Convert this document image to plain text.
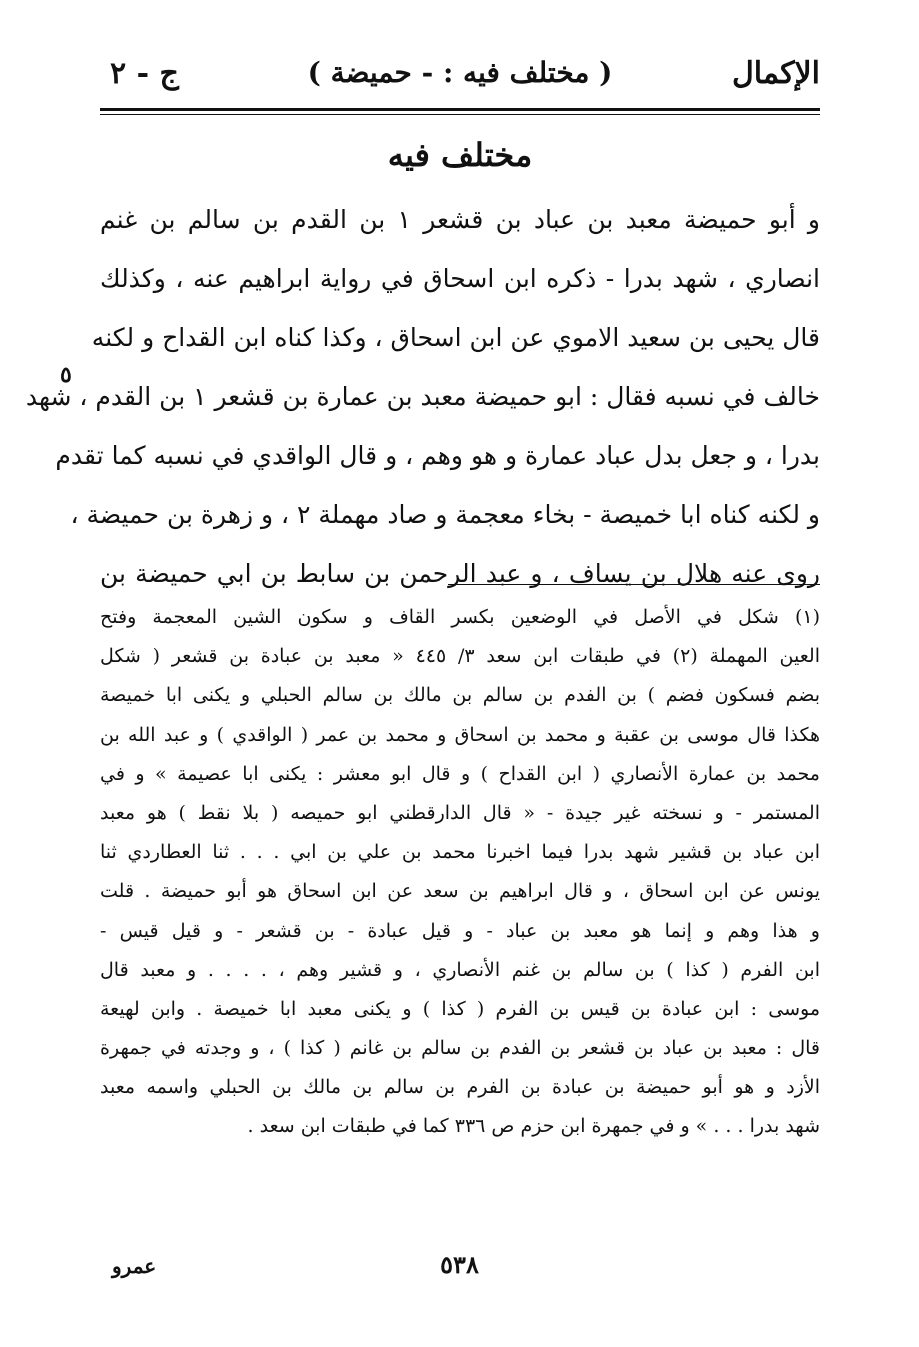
الإكمال
( مختلف فيه : - حميضة )
ج - ٢
مختلف فيه
٥
و أبو حميضة معبد بن عباد بن قشعر ١ بن القدم بن سالم بن غنم
انصاري ، شهد بدرا - ذكره ابن اسحاق في رواية ابراهيم عنه ، وكذلك
قال يحيى بن سعيد الاموي عن ابن اسحاق ، وكذا كناه ابن القداح و لكنه
خالف في نسبه فقال : ابو حميضة معبد بن عمارة بن قشعر ١ بن القدم ، شهد
بدرا ، و جعل بدل عباد عمارة و هو وهم ، و قال الواقدي في نسبه كما تقدم
و لكنه كناه ابا خميصة - بخاء معجمة و صاد مهملة ٢ ، و زهرة بن حميضة ،
روى عنه هلال بن يساف ، و عبد الرحمن بن سابط بن ابي حميضة بن
(١) شكل في الأصل في الوضعين بكسر القاف و سكون الشين المعجمة وفتح
العين المهملة (٢) في طبقات ابن سعد ٣/ ٤٤٥ « معبد بن عبادة بن قشعر ( شكل
بضم فسكون فضم ) بن الفدم بن سالم بن مالك بن سالم الحبلي و يكنى ابا خميصة
هكذا قال موسى بن عقبة و محمد بن اسحاق و محمد بن عمر ( الواقدي ) و عبد الله بن
محمد بن عمارة الأنصاري ( ابن القداح ) و قال ابو معشر : يكنى ابا عصيمة » و في
المستمر - و نسخته غير جيدة - « قال الدارقطني ابو حميصه ( بلا نقط ) هو معبد
ابن عباد بن قشير شهد بدرا فيما اخبرنا محمد بن علي بن ابي . . . ثنا العطاردي ثنا
يونس عن ابن اسحاق ، و قال ابراهيم بن سعد عن ابن اسحاق هو أبو حميضة . قلت
و هذا وهم و إنما هو معبد بن عباد - و قيل عبادة - بن قشعر - و قيل قيس -
ابن الفرم ( كذا ) بن سالم بن غنم الأنصاري ، و قشير وهم ، . . . . و معبد قال
موسى : ابن عبادة بن قيس بن الفرم ( كذا ) و يكنى معبد ابا خميصة . وابن لهيعة
قال : معبد بن عباد بن قشعر بن الفدم بن سالم بن غانم ( كذا ) ، و وجدته في جمهرة
الأزد و هو أبو حميضة بن عبادة بن الفرم بن سالم بن مالك بن الحبلي واسمه معبد
شهد بدرا . . . » و في جمهرة ابن حزم ص ٣٣٦ كما في طبقات ابن سعد .
٥٣٨
عمرو
